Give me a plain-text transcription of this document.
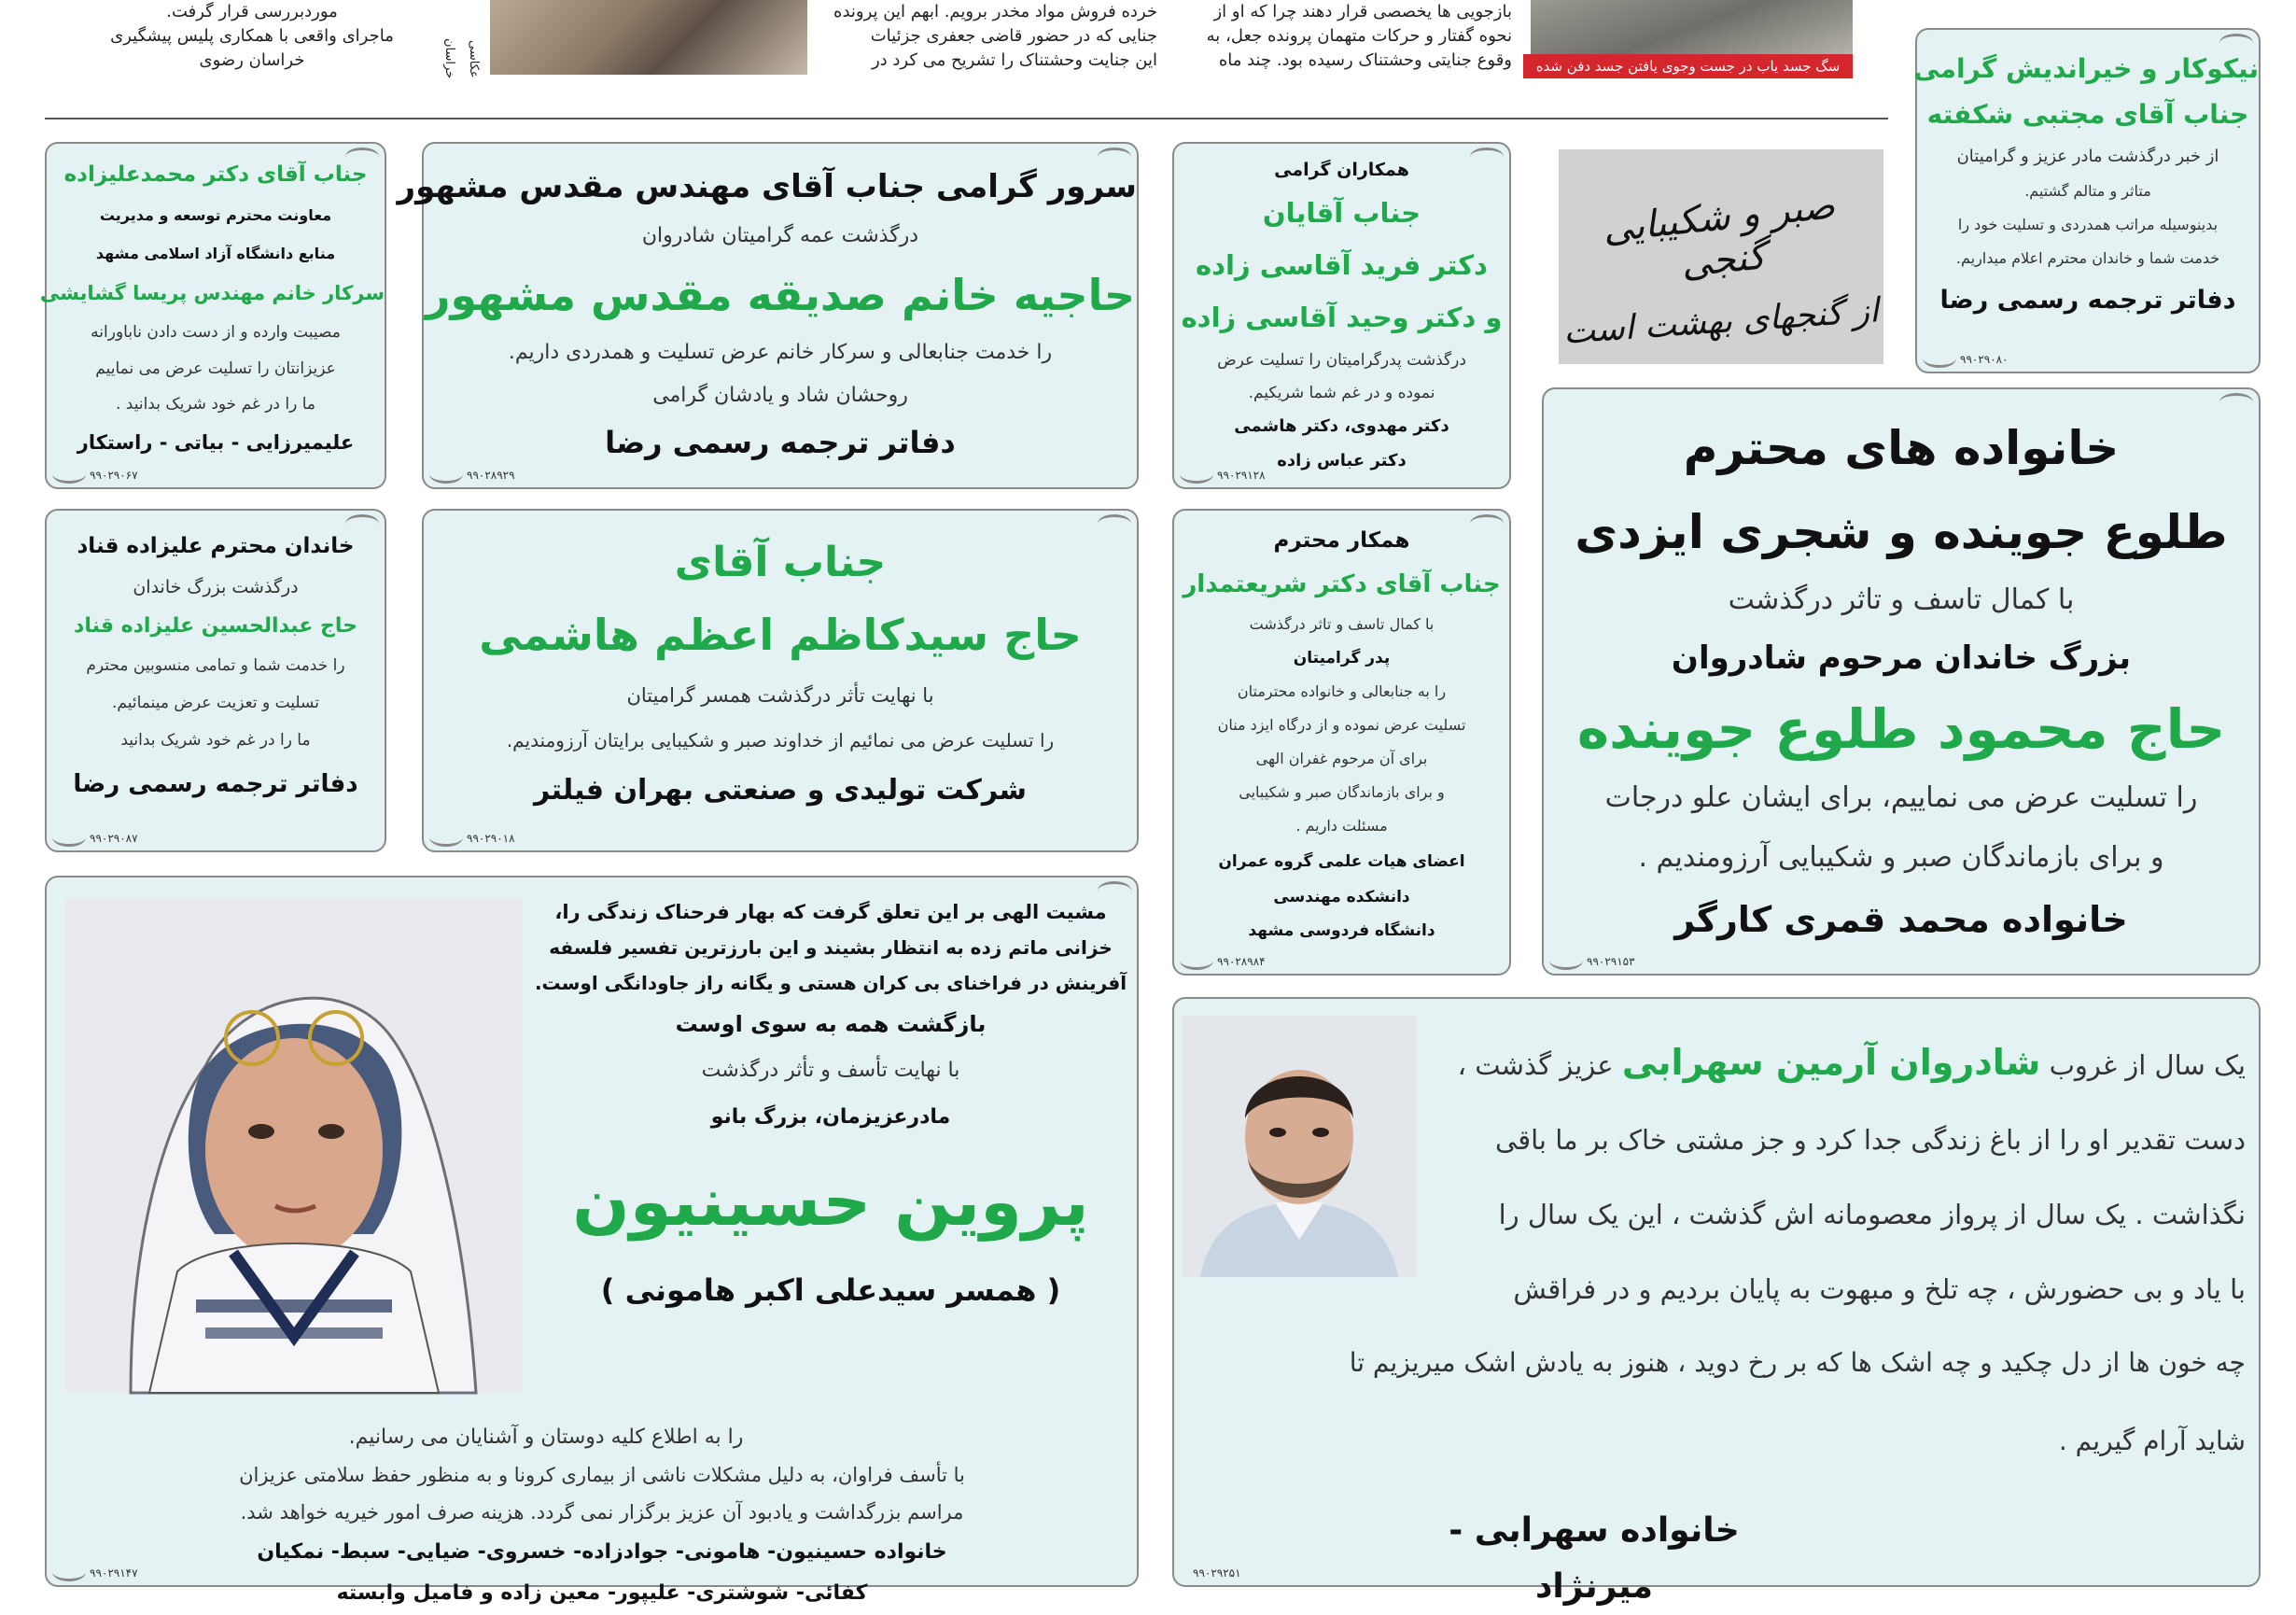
موردبررسی قرار گرفت.
ماجرای واقعی با همکاری پلیس پیشگیری
خراسان رضوی	عکاسی خراسان
خرده فروش مواد مخدر برویم. ابهم این پرونده
جنایی که در حضور قاضی جعفری جزئیات
این جنایت وحشتناک را تشریح می کرد در
بازجویی ها یخصصی قرار دهند چرا که او از
نحوه گفتار و حرکات متهمان پرونده جعل، به
وقوع جنایتی وحشتناک رسیده بود. چند ماه	سگ جسد یاب در جست وجوی یافتن جسد دفن شده	نیکوکار و خیراندیش گرامی
جناب آقای مجتبی شکفته
از خبر درگذشت مادر عزیز و گرامیتان
متاثر و متالم گشتیم.
بدینوسیله مراتب همدردی و تسلیت خود را
خدمت شما و خاندان محترم اعلام میداریم.
دفاتر ترجمه رسمی رضا
۹۹۰۲۹۰۸۰
صبر و شکیبایی گنجی
از گنجهای بهشت است
همکاران گرامی
جناب آقایان
دکتر فرید آقاسی زاده
و دکتر وحید آقاسی زاده
درگذشت پدرگرامیتان را تسلیت عرض
نموده و در غم شما شریکیم.
دکتر مهدوی، دکتر هاشمی
دکتر عباس زاده
۹۹۰۲۹۱۲۸
سرور گرامی جناب آقای مهندس مقدس مشهور
درگذشت عمه گرامیتان شادروان
حاجیه خانم صدیقه مقدس مشهور
را خدمت جنابعالی و سرکار خانم عرض تسلیت و همدردی داریم.
روحشان شاد و یادشان گرامی
دفاتر ترجمه رسمی رضا
۹۹۰۲۸۹۲۹
جناب آقای دکتر محمدعلیزاده
معاونت محترم توسعه و مدیریت
منابع دانشگاه آزاد اسلامی مشهد
سرکار خانم مهندس پریسا گشایشی
مصیبت وارده و از دست دادن ناباورانه
عزیزانتان را تسلیت عرض می نماییم
ما را در غم خود شریک بدانید .
علیمیرزایی - بیاتی - راستکار
۹۹۰۲۹۰۶۷	خانواده های محترم
طلوع جوینده و شجری ایزدی
با کمال تاسف و تاثر درگذشت
بزرگ خاندان مرحوم شادروان
حاج محمود طلوع جوینده
را تسلیت عرض می نماییم، برای ایشان علو درجات
و برای بازماندگان صبر و شکیبایی آرزومندیم .
خانواده محمد قمری کارگر
۹۹۰۲۹۱۵۳
همکار محترم
جناب آقای دکتر شریعتمدار
با کمال تاسف و تاثر درگذشت
پدر گرامیتان
را به جنابعالی و خانواده محترمتان
تسلیت عرض نموده و از درگاه ایزد منان
برای آن مرحوم غفران الهی
و برای بازماندگان صبر و شکیبایی
مسئلت داریم .
اعضای هیات علمی گروه عمران
دانشکده مهندسی
دانشگاه فردوسی مشهد
۹۹۰۲۸۹۸۴
جناب آقای
حاج سیدکاظم اعظم هاشمی
با نهایت تأثر درگذشت همسر گرامیتان
را تسلیت عرض می نمائیم از خداوند صبر و شکیبایی برایتان آرزومندیم.
شرکت تولیدی و صنعتی بهران فیلتر
۹۹۰۲۹۰۱۸
خاندان محترم علیزاده قناد
درگذشت بزرگ خاندان
حاج عبدالحسین علیزاده قناد
را خدمت شما و تمامی منسوبین محترم
تسلیت و تعزیت عرض مینمائیم.
ما را در غم خود شریک بدانید
دفاتر ترجمه رسمی رضا
۹۹۰۲۹۰۸۷
مشیت الهی بر این تعلق گرفت که بهار فرحناک زندگی را،
خزانی ماتم زده به انتظار بشیند و این بارزترین تفسیر فلسفه
آفرینش در فراخنای بی کران هستی و یگانه راز جاودانگی اوست.
بازگشت همه به سوی اوست
با نهایت تأسف و تأثر درگذشت
مادرعزیزمان، بزرگ بانو
پروین حسینیون
( همسر سیدعلی اکبر هامونی )
را به اطلاع کلیه دوستان و آشنایان می رسانیم.
با تأسف فراوان، به دلیل مشکلات ناشی از بیماری کرونا و به منظور حفظ سلامتی عزیزان
مراسم بزرگداشت و یادبود آن عزیز برگزار نمی گردد. هزینه صرف امور خیریه خواهد شد.
خانواده حسینیون- هامونی- جوادزاده- خسروی- ضیایی- سبط- نمکیان
کفائی- شوشتری- علیپور- معین زاده و فامیل وابسته
۹۹۰۲۹۱۴۷
یک سال از غروب شادروان آرمین سهرابی عزیز گذشت ،
دست تقدیر او را از باغ زندگی جدا کرد و جز مشتی خاک بر ما باقی
نگذاشت . یک سال از پرواز معصومانه اش گذشت ، این یک سال را
با یاد و بی حضورش ، چه تلخ و مبهوت به پایان بردیم و در فراقش
چه خون ها از دل چکید و چه اشک ها که بر رخ دوید ، هنوز به یادش اشک میریزیم تا
شاید آرام گیریم .
خانواده سهرابی - میرنژاد
۹۹۰۲۹۲۵۱
